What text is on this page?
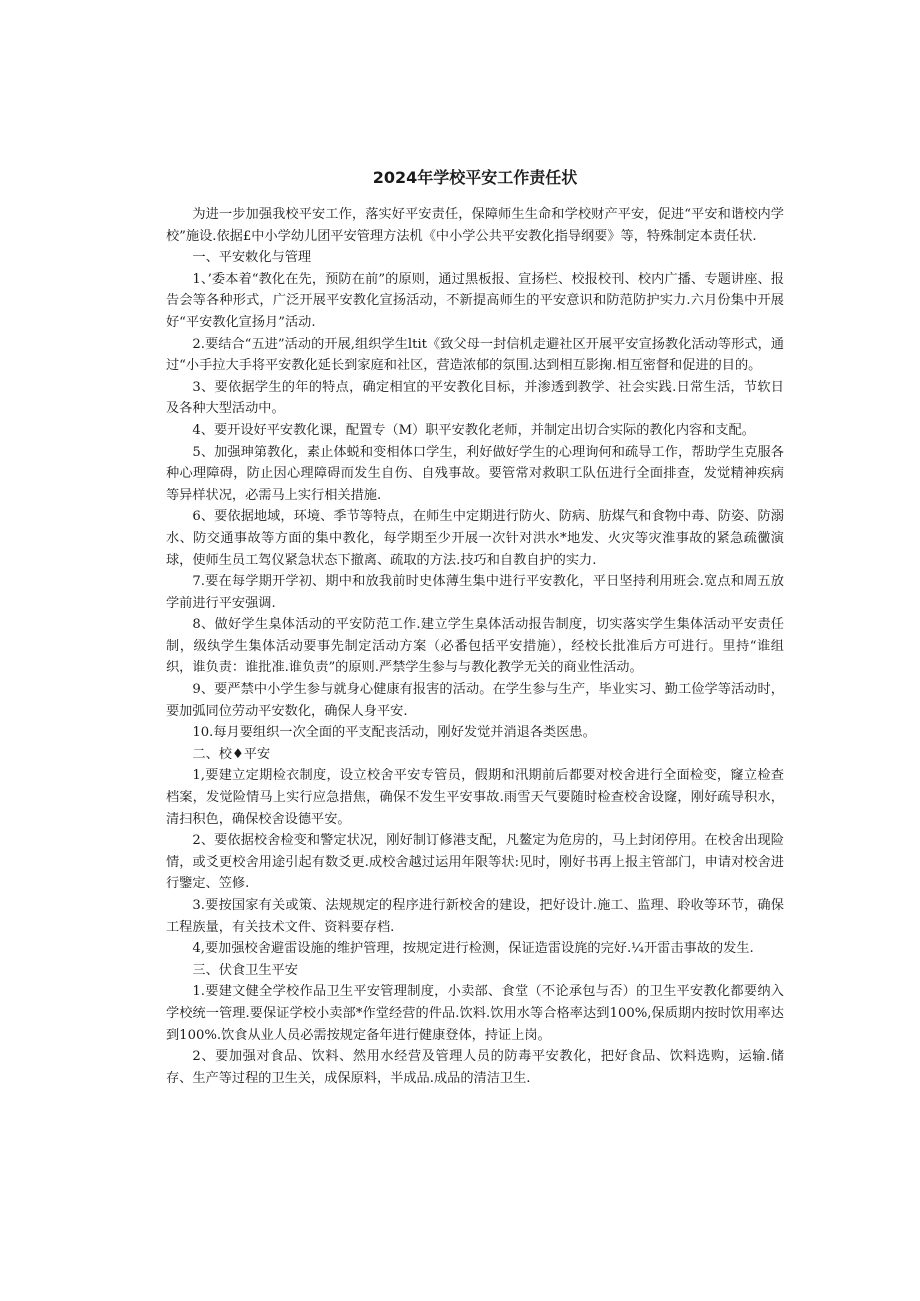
2024年学校平安工作责任状

为进一步加强我校平安工作，落实好平安责任，保障师生生命和学校财产平安，促进“平安和谐校内学校”施设.依据£中小学幼儿团平安管理方法机《中小学公共平安教化指导纲要》等，特殊制定本责任状.

一、平安敕化与管理

1、’委本着“教化在先，预防在前”的原则，通过黑板报、宣扬栏、校报校刊、校内广播、专题讲座、报告会等各种形式，广泛开展平安教化宣扬活动，不新提高师生的平安意识和防范防护实力.六月份集中开展好“平安教化宣扬月”活动.

2.要结合“五进”活动的开展,组织学生ltit《致父母一封信机走避社区开展平安宣扬教化活动等形式，通过“小手拉大手将平安教化延长到家庭和社区，营造浓郁的氛围.达到相互影掬.相互密督和促进的目的。

3、要依据学生的年的特点，确定相宜的平安教化目标，并渗透到教学、社会实践.日常生活，节软日及各种大型活动中。

4、要开设好平安教化课，配置专（M）职平安教化老师，并制定出切合实际的教化内容和支配。

5、加强珅第教化，素止体蜕和变相体口学生，利好做好学生的心理询何和疏导工作，帮助学生克服各种心理障碍，防止因心理障碍而发生自伤、自残事故。要管常对救职工队伍进行全面排查，发觉精神疾病等异样状况，必需马上实行相关措施.

6、要依据地域，环境、季节等特点，在师生中定期进行防火、防病、肪煤气和食物中毒、防姿、防溺水、防交通事故等方面的集中教化，每学期至少开展一次针对洪水*地发、火灾等灾淮事故的紧急疏黴演球，使师生员工驾仪紧急状态下撤离、疏取的方法.技巧和自教自护的实力.

7.要在每学期开学初、期中和放我前时史体薄生集中进行平安教化，平日坚持利用班会.宽点和周五放学前进行平安强调.

8、做好学生臬体活动的平安防范工作.建立学生臬体活动报告制度，切实落实学生集体活动平安责任制，级纨学生集体活动要事先制定活动方案（必番包括平安措施），经校长批准后方可进行。里持“谁组织，谁负责：谁批准.谁负责”的原则.严禁学生参与与教化教学无关的商业性活动。

9、要严禁中小学生参与就身心健康有报害的活动。在学生参与生产，毕业实习、勤工俭学等活动时，要加弧同位劳动平安数化，确保人身平安.

10.每月要组织一次全面的平支配丧活动，刚好发觉并消退各类医患。

二、校♦平安

1,要建立定期检衣制度，设立校舍平安专管员，假期和汛期前后都要对校舍进行全面检变，窿立检查档案，发觉险情马上实行应急措焦，确保不发生平安事故.雨雪天气要随时检查校舍设窿，刚好疏导积水，清扫积色，确保校舍设德平安。

2、要依据校舍检变和警定状况，刚好制订修港支配，凡鳌定为危房的，马上封闭停用。在校舍出现险情，或爻更校舍用途引起有数爻更.成校舍越过运用年限等状:见时，刚好书再上报主管部门，申请对校舍进行鑒定、笠修.

3.要按国家有关或策、法规规定的程序进行新校舍的建设，把好设计.施工、监理、聆收等环节，确保工程族量，有关技术文件、资料要存档.

4,要加强校舍避雷设施的维护管理，按规定进行检测，保证造雷设旄的完好.¼开雷击事故的发生.

三、伏食卫生平安

1.要建文健全学校作品卫生平安管理制度，小卖部、食堂（不论承包与否）的卫生平安教化都要纳入学校统一管理.要保证学校小卖部*作堂经营的件品.饮料.饮用水等合格率达到100%,保质期内按时饮用率达到100%.饮食从业人员必需按规定备年进行健康登体，持证上岗。

2、要加强对食品、饮料、然用水经营及管理人员的防毒平安教化，把好食品、饮料选购，运输.储存、生产等过程的卫生关，成保原料，半成品.成品的清洁卫生.
